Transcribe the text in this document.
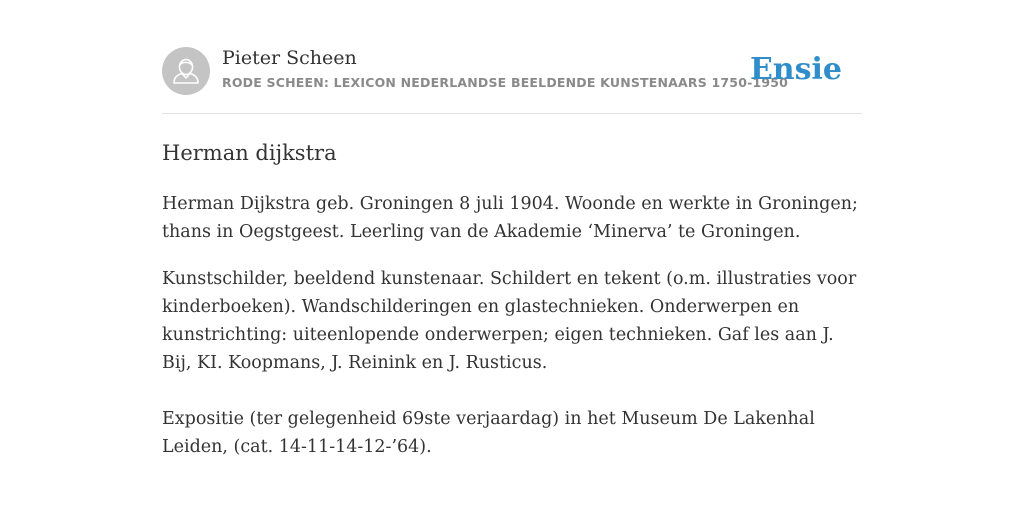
Pieter Scheen
RODE SCHEEN: LEXICON NEDERLANDSE BEELDENDE KUNSTENAARS 1750-1950
Ensie
Herman dijkstra

Herman Dijkstra geb. Groningen 8 juli 1904. Woonde en werkte in Groningen; thans in Oegstgeest. Leerling van de Akademie ‘Minerva’ te Groningen.

Kunstschilder, beeldend kunstenaar. Schildert en tekent (o.m. illustraties voor kinderboeken). Wandschilderingen en glastechnieken. Onderwerpen en kunstrichting: uiteenlopende onderwerpen; eigen technieken. Gaf les aan J. Bij, KI. Koopmans, J. Reinink en J. Rusticus.

Expositie (ter gelegenheid 69ste verjaardag) in het Museum De Lakenhal Leiden, (cat. 14-11-14-12-’64).
